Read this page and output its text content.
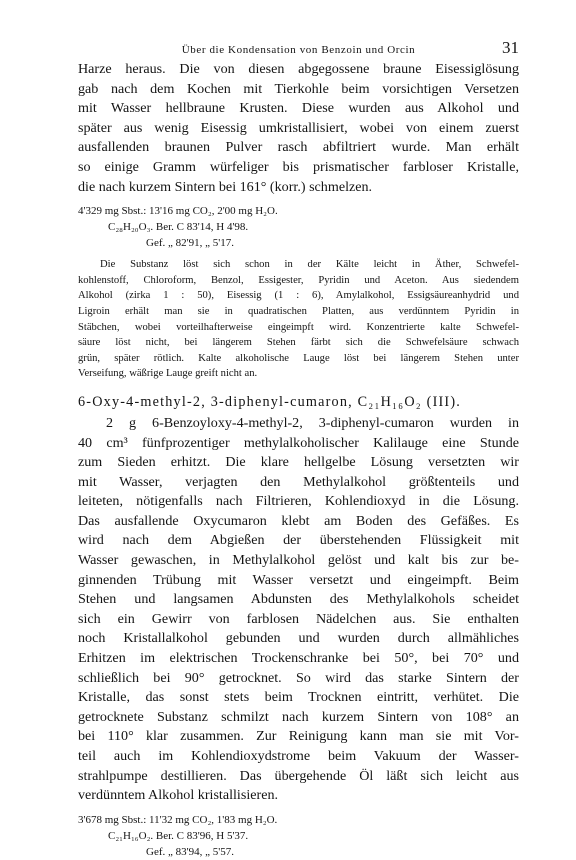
Über die Kondensation von Benzoin und Orcin	31
Harze heraus. Die von diesen abgegossene braune Eisessiglösung
gab nach dem Kochen mit Tierkohle beim vorsichtigen Versetzen
mit Wasser hellbraune Krusten. Diese wurden aus Alkohol und
später aus wenig Eisessig umkristallisiert, wobei von einem zuerst
ausfallenden braunen Pulver rasch abfiltriert wurde. Man erhält
so einige Gramm würfeliger bis prismatischer farbloser Kristalle,
die nach kurzem Sintern bei 161° (korr.) schmelzen.
4'329 mg Sbst.: 13'16 mg CO₂, 2'00 mg H₂O.
C₂₈H₂₀O₃. Ber. C 83'14, H 4'98.
Gef. „ 82'91, „ 5'17.
Die Substanz löst sich schon in der Kälte leicht in Äther, Schwefel-
kohlenstoff, Chloroform, Benzol, Essigester, Pyridin und Aceton. Aus siedendem
Alkohol (zirka 1 : 50), Eisessig (1 : 6), Amylalkohol, Essigsäureanhydrid und
Ligroin erhält man sie in quadratischen Platten, aus verdünntem Pyridin in
Stäbchen, wobei vorteilhafterweise eingeimpft wird. Konzentrierte kalte Schwefel-
säure löst nicht, bei längerem Stehen färbt sich die Schwefelsäure schwach
grün, später rötlich. Kalte alkoholische Lauge löst bei längerem Stehen unter
Verseifung, wäßrige Lauge greift nicht an.
6-Oxy-4-methyl-2, 3-diphenyl-cumaron, C₂₁H₁₆O₂ (III).
2 g 6-Benzoyloxy-4-methyl-2, 3-diphenyl-cumaron wurden in
40 cm³ fünfprozentiger methylalkoholischer Kalilauge eine Stunde
zum Sieden erhitzt. Die klare hellgelbe Lösung versetzten wir
mit Wasser, verjagten den Methylalkohol größtenteils und
leiteten, nötigenfalls nach Filtrieren, Kohlendioxyd in die Lösung.
Das ausfallende Oxycumaron klebt am Boden des Gefäßes. Es
wird nach dem Abgießen der überstehenden Flüssigkeit mit
Wasser gewaschen, in Methylalkohol gelöst und kalt bis zur be-
ginnenden Trübung mit Wasser versetzt und eingeimpft. Beim
Stehen und langsamen Abdunsten des Methylalkohols scheidet
sich ein Gewirr von farblosen Nädelchen aus. Sie enthalten
noch Kristallalkohol gebunden und wurden durch allmähliches
Erhitzen im elektrischen Trockenschranke bei 50°, bei 70° und
schließlich bei 90° getrocknet. So wird das starke Sintern der
Kristalle, das sonst stets beim Trocknen eintritt, verhütet. Die
getrocknete Substanz schmilzt nach kurzem Sintern von 108° an
bei 110° klar zusammen. Zur Reinigung kann man sie mit Vor-
teil auch im Kohlendioxydstrome beim Vakuum der Wasser-
strahlpumpe destillieren. Das übergehende Öl läßt sich leicht aus
verdünntem Alkohol kristallisieren.
3'678 mg Sbst.: 11'32 mg CO₂, 1'83 mg H₂O.
C₂₁H₁₆O₂. Ber. C 83'96, H 5'37.
Gef. „ 83'94, „ 5'57.
